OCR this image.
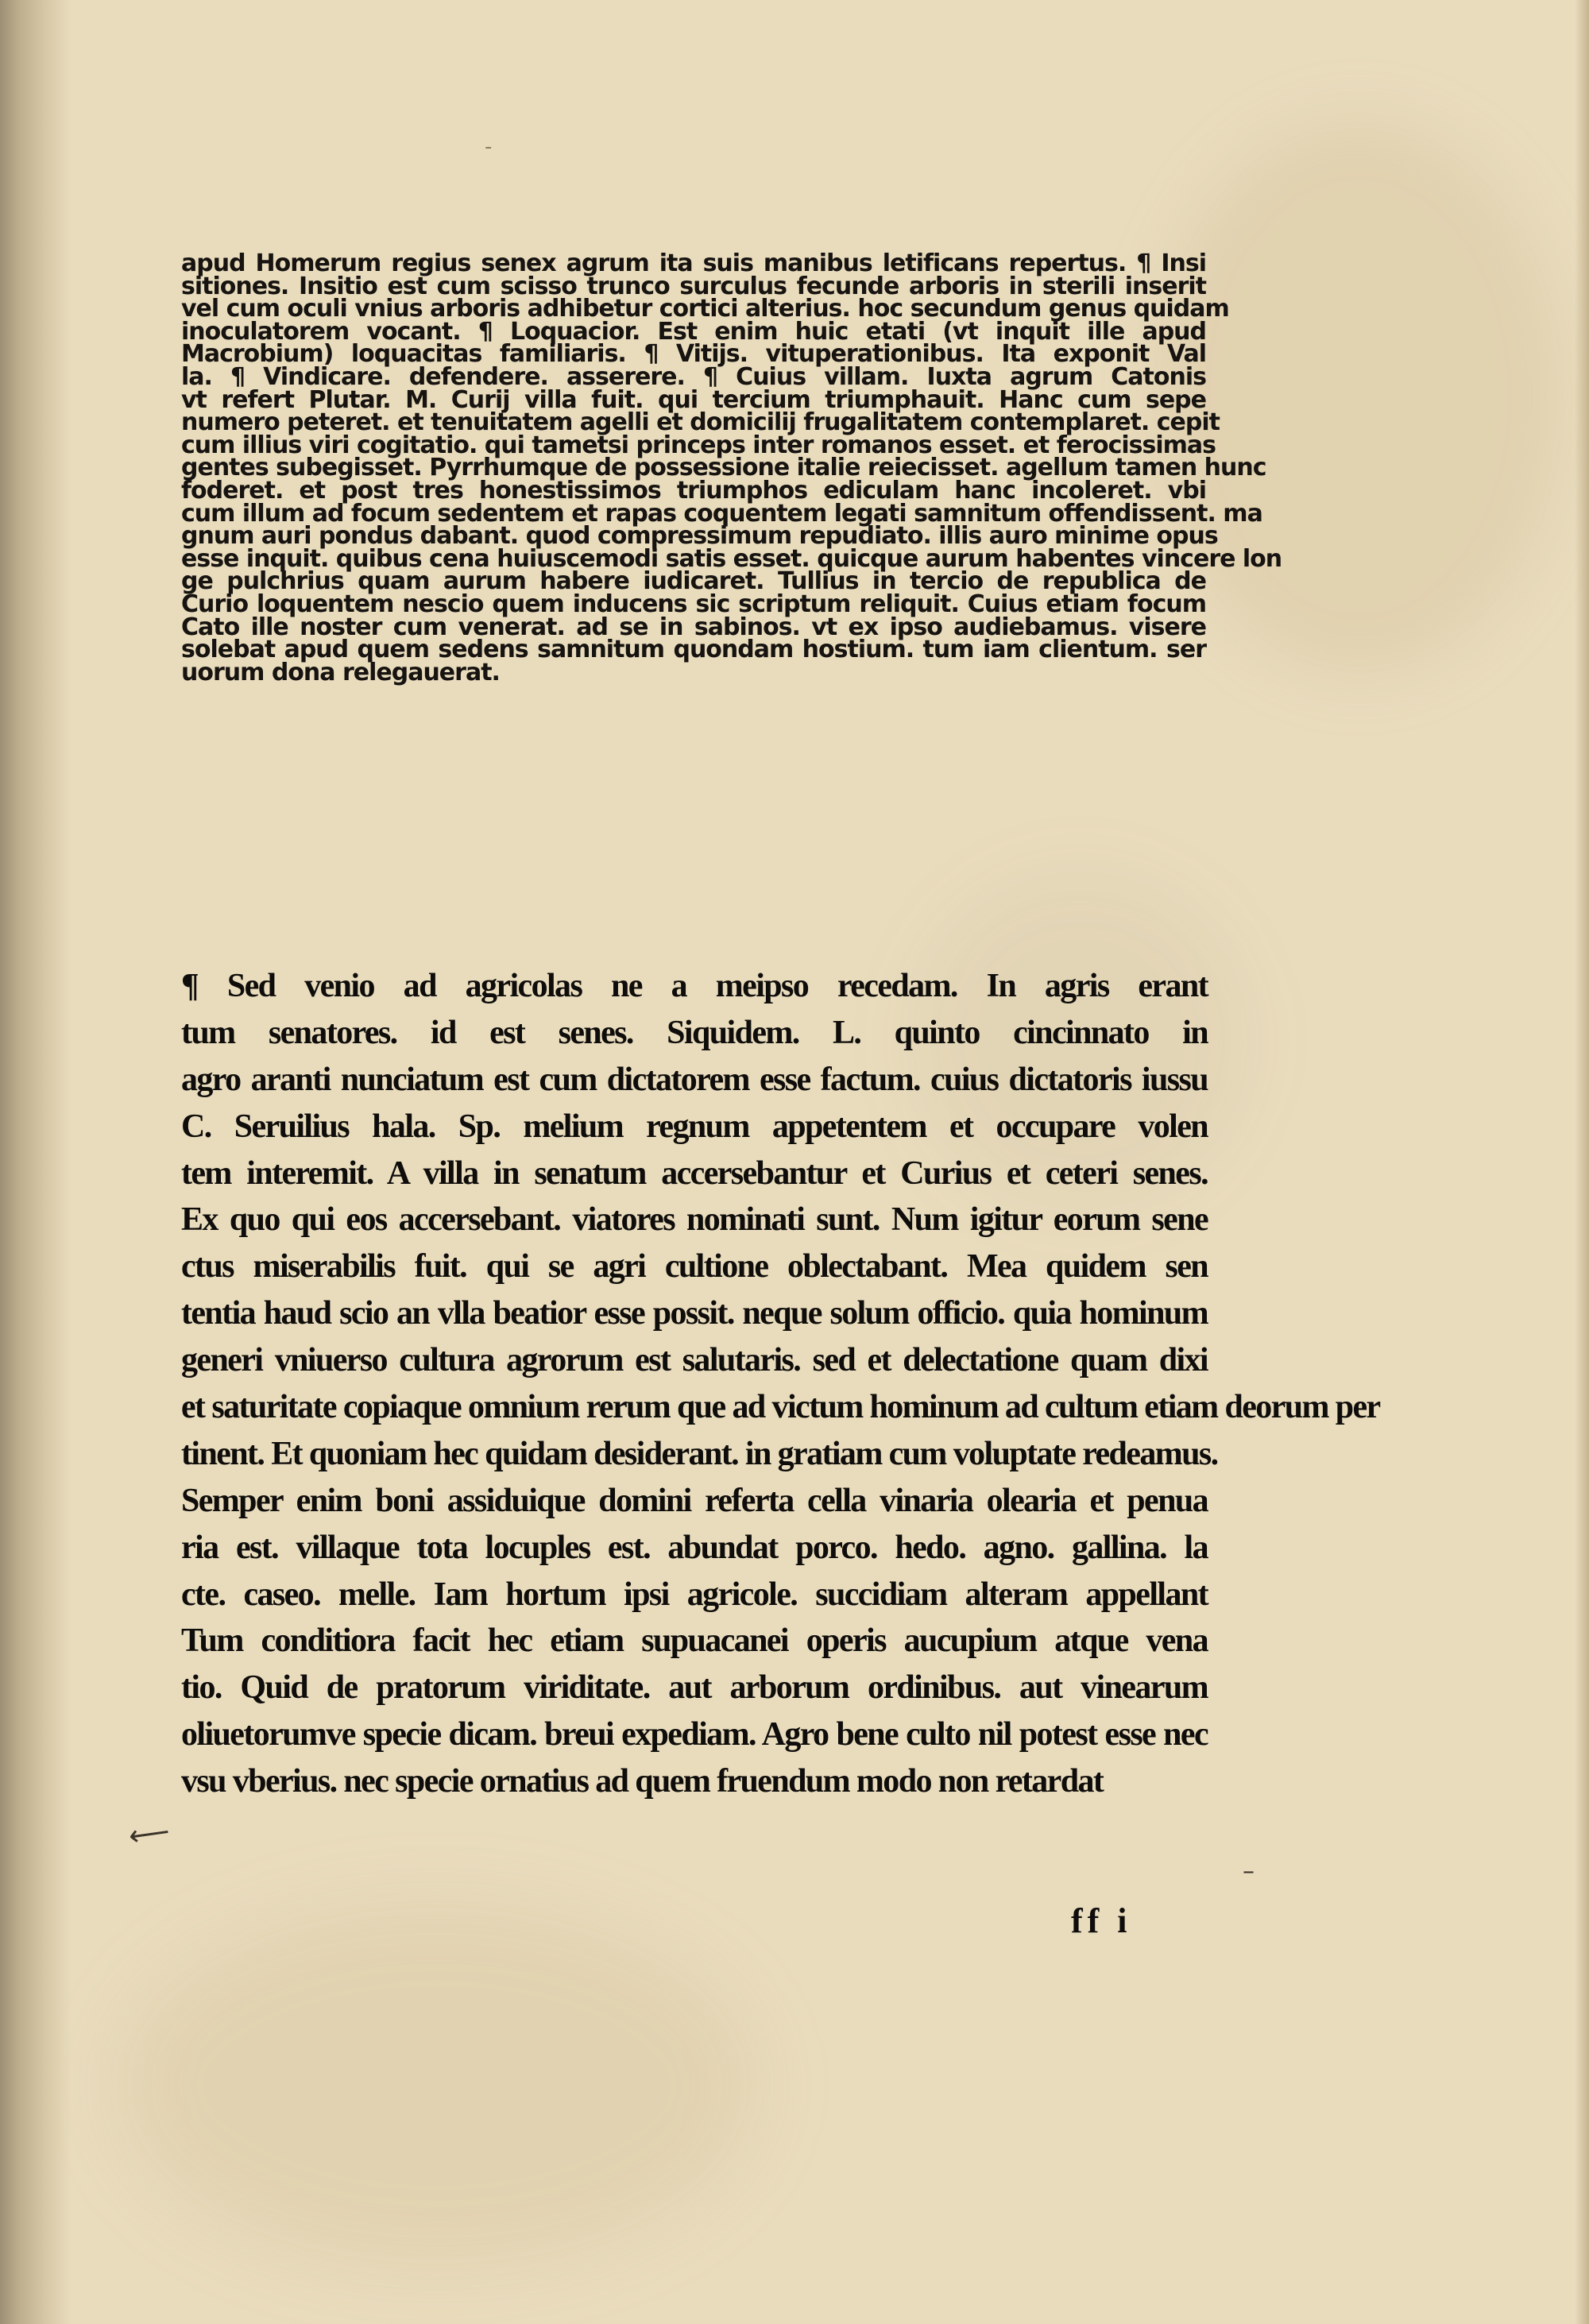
-
apud Homerum regius senex agrum ita suis manibus letificans repertus. ¶ Insi
sitiones. Insitio est cum scisso trunco surculus fecunde arboris in sterili inserit
vel cum oculi vnius arboris adhibetur cortici alterius. hoc secundum genus quidam
inoculatorem vocant. ¶ Loquacior. Est enim huic etati (vt inquit ille apud
Macrobium) loquacitas familiaris. ¶ Vitijs. vituperationibus. Ita exponit Val
la. ¶ Vindicare. defendere. asserere. ¶ Cuius villam. Iuxta agrum Catonis
vt refert Plutar. M. Curij villa fuit. qui tercium triumphauit. Hanc cum sepe
numero peteret. et tenuitatem agelli et domicilij frugalitatem contemplaret. cepit
cum illius viri cogitatio. qui tametsi princeps inter romanos esset. et ferocissimas
gentes subegisset. Pyrrhumque de possessione italie reiecisset. agellum tamen hunc
foderet. et post tres honestissimos triumphos ediculam hanc incoleret. vbi
cum illum ad focum sedentem et rapas coquentem legati samnitum offendissent. ma
gnum auri pondus dabant. quod compressimum repudiato. illis auro minime opus
esse inquit. quibus cena huiuscemodi satis esset. quicque aurum habentes vincere lon
ge pulchrius quam aurum habere iudicaret. Tullius in tercio de republica de
Curio loquentem nescio quem inducens sic scriptum reliquit. Cuius etiam focum
Cato ille noster cum venerat. ad se in sabinos. vt ex ipso audiebamus. visere
solebat apud quem sedens samnitum quondam hostium. tum iam clientum. ser
uorum dona relegauerat.
¶ Sed venio ad agricolas ne a meipso recedam. In agris erant
tum senatores. id est senes. Siquidem. L. quinto cincinnato in
agro aranti nunciatum est cum dictatorem esse factum. cuius dictatoris iussu
C. Seruilius hala. Sp. melium regnum appetentem et occupare volen
tem interemit. A villa in senatum accersebantur et Curius et ceteri senes.
Ex quo qui eos accersebant. viatores nominati sunt. Num igitur eorum sene
ctus miserabilis fuit. qui se agri cultione oblectabant. Mea quidem sen
tentia haud scio an vlla beatior esse possit. neque solum officio. quia hominum
generi vniuerso cultura agrorum est salutaris. sed et delectatione quam dixi
et saturitate copiaque omnium rerum que ad victum hominum ad cultum etiam deorum per
tinent. Et quoniam hec quidam desiderant. in gratiam cum voluptate redeamus.
Semper enim boni assiduique domini referta cella vinaria olearia et penua
ria est. villaque tota locuples est. abundat porco. hedo. agno. gallina. la
cte. caseo. melle. Iam hortum ipsi agricole. succidiam alteram appellant
Tum conditiora facit hec etiam supuacanei operis aucupium atque vena
tio. Quid de pratorum viriditate. aut arborum ordinibus. aut vinearum
oliuetorumve specie dicam. breui expediam. Agro bene culto nil potest esse nec
vsu vberius. nec specie ornatius ad quem fruendum modo non retardat
⟵
–
ff i
